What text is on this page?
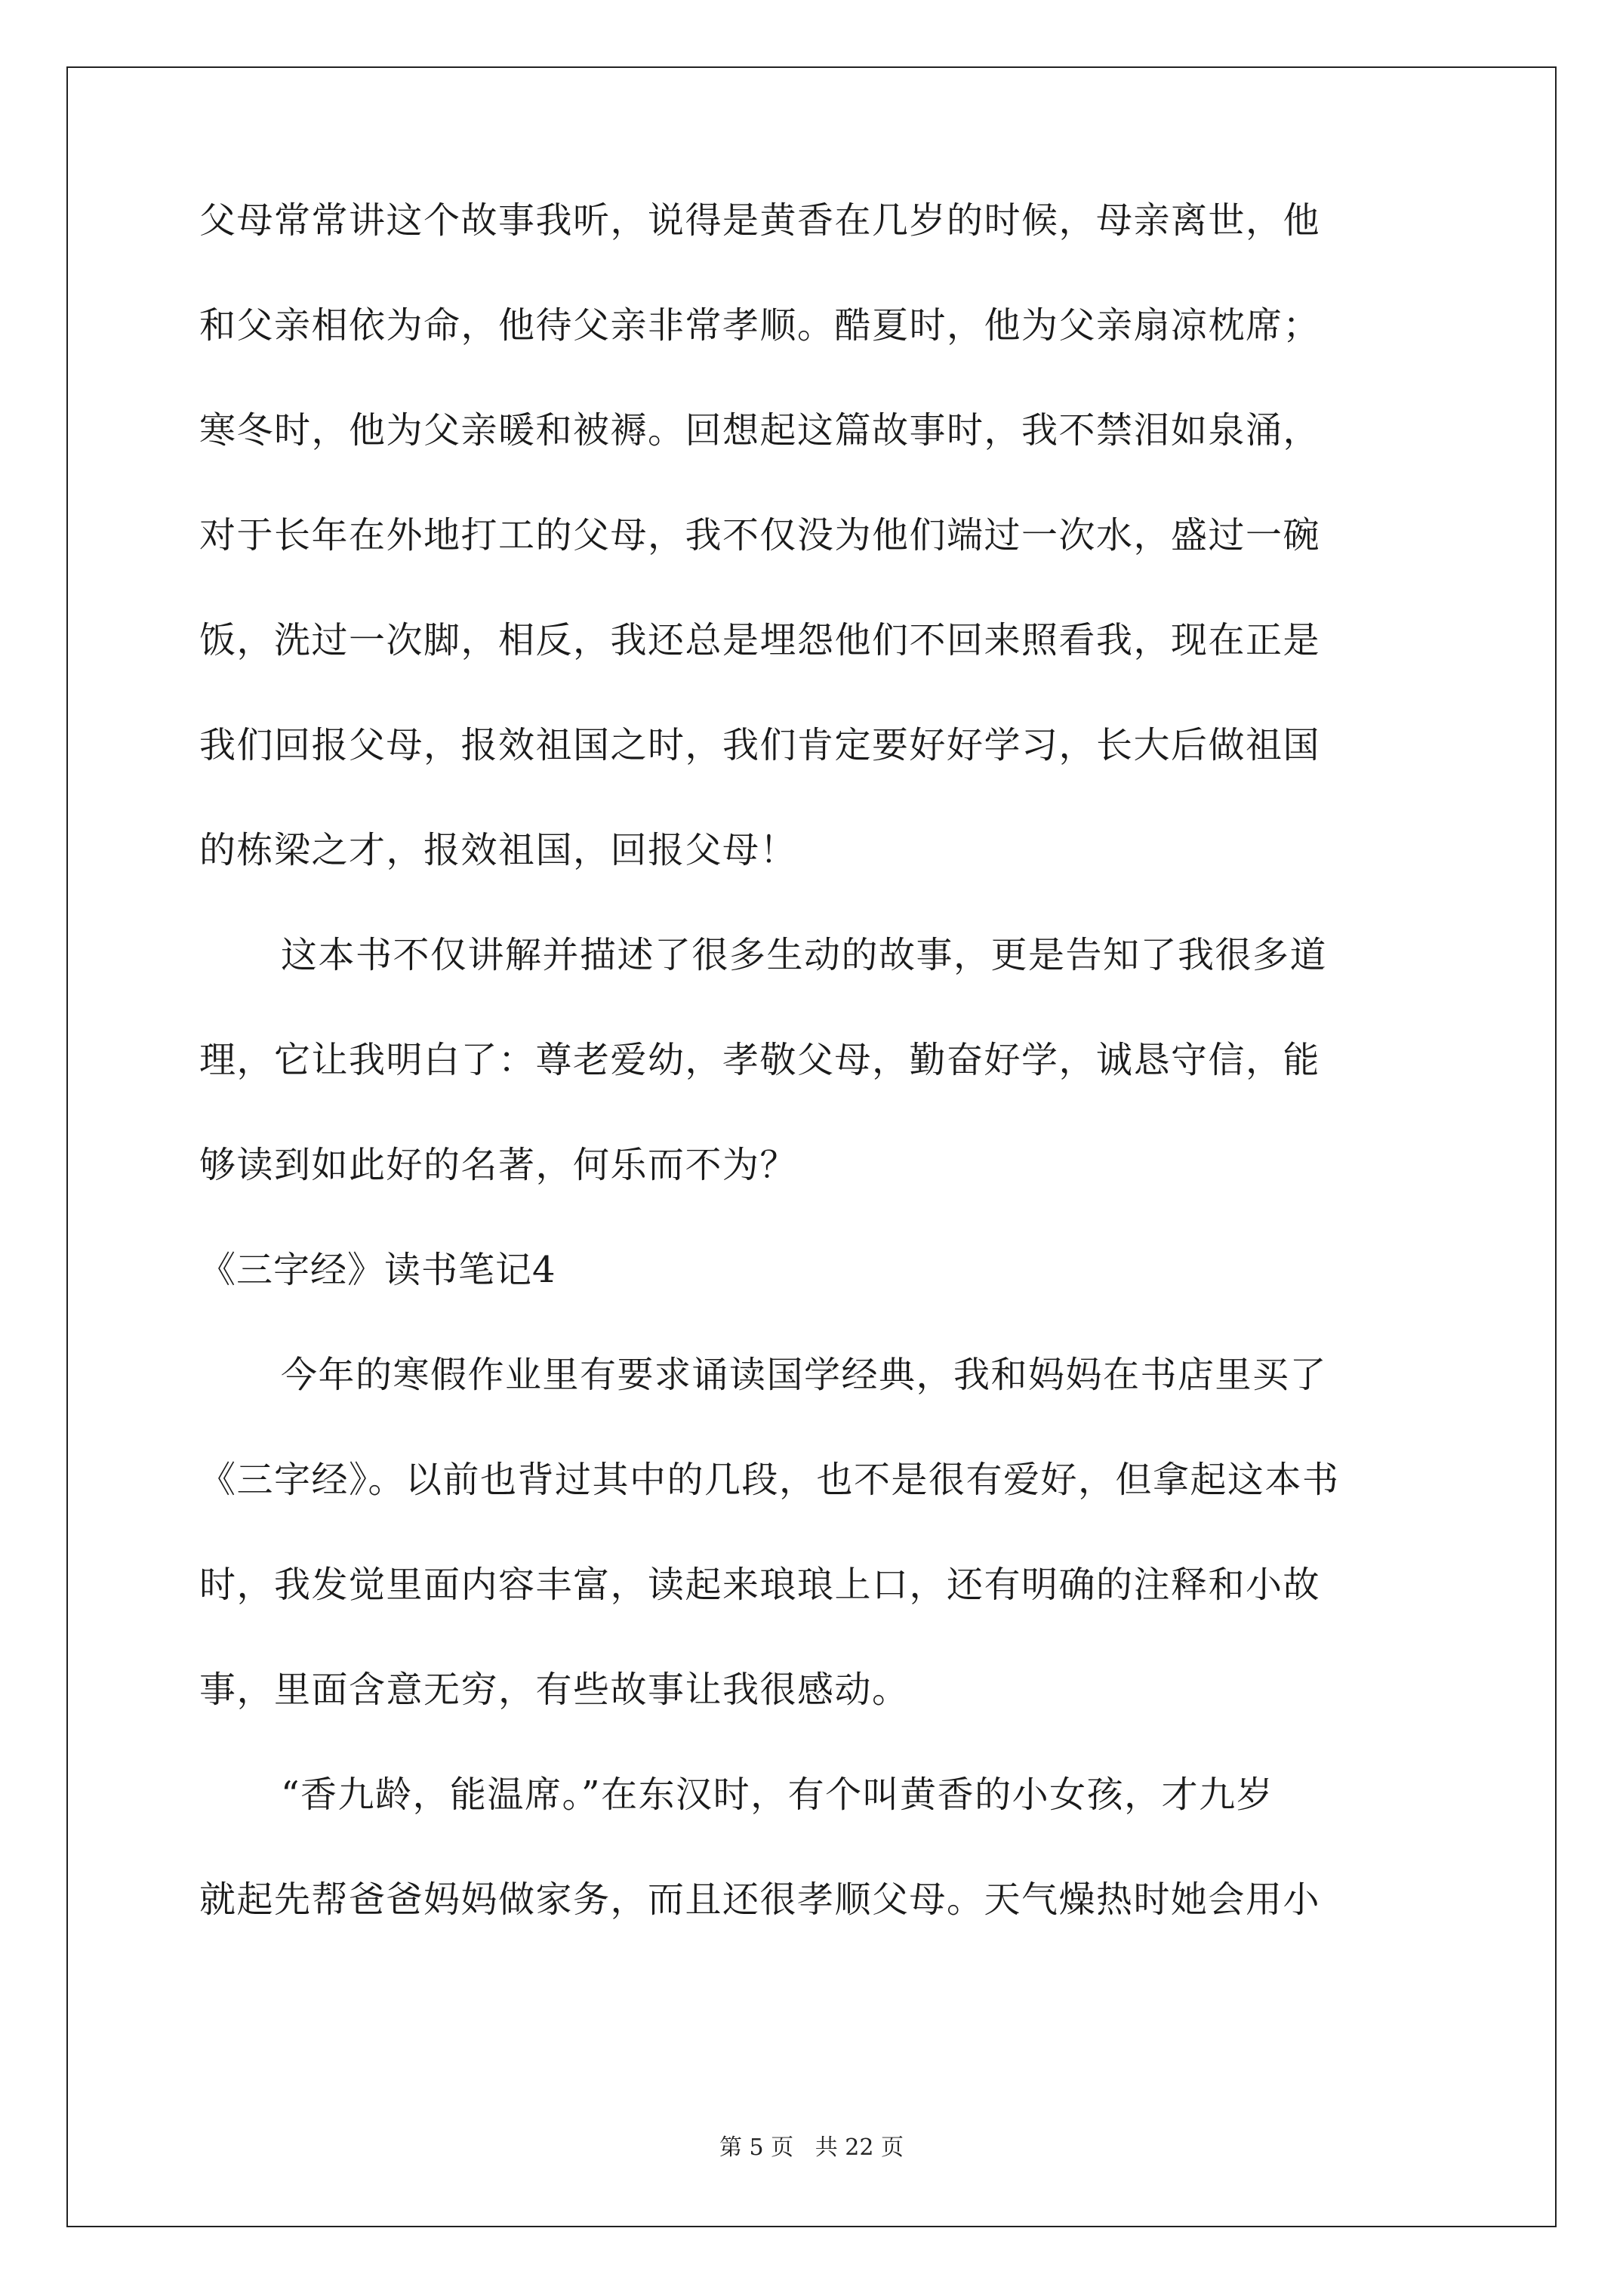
父母常常讲这个故事我听，说得是黄香在几岁的时候，母亲离世，他
和父亲相依为命，他待父亲非常孝顺。酷夏时，他为父亲扇凉枕席；
寒冬时，他为父亲暖和被褥。回想起这篇故事时，我不禁泪如泉涌，
对于长年在外地打工的父母，我不仅没为他们端过一次水，盛过一碗
饭，洗过一次脚，相反，我还总是埋怨他们不回来照看我，现在正是
我们回报父母，报效祖国之时，我们肯定要好好学习，长大后做祖国
的栋梁之才，报效祖国，回报父母！
这本书不仅讲解并描述了很多生动的故事，更是告知了我很多道
理，它让我明白了：尊老爱幼，孝敬父母，勤奋好学，诚恳守信，能
够读到如此好的名著，何乐而不为？
《三字经》读书笔记4
今年的寒假作业里有要求诵读国学经典，我和妈妈在书店里买了
《三字经》。以前也背过其中的几段，也不是很有爱好，但拿起这本书
时，我发觉里面内容丰富，读起来琅琅上口，还有明确的注释和小故
事，里面含意无穷，有些故事让我很感动。
“香九龄，能温席。”在东汉时，有个叫黄香的小女孩，才九岁
就起先帮爸爸妈妈做家务，而且还很孝顺父母。天气燥热时她会用小
第 5 页   共 22 页
